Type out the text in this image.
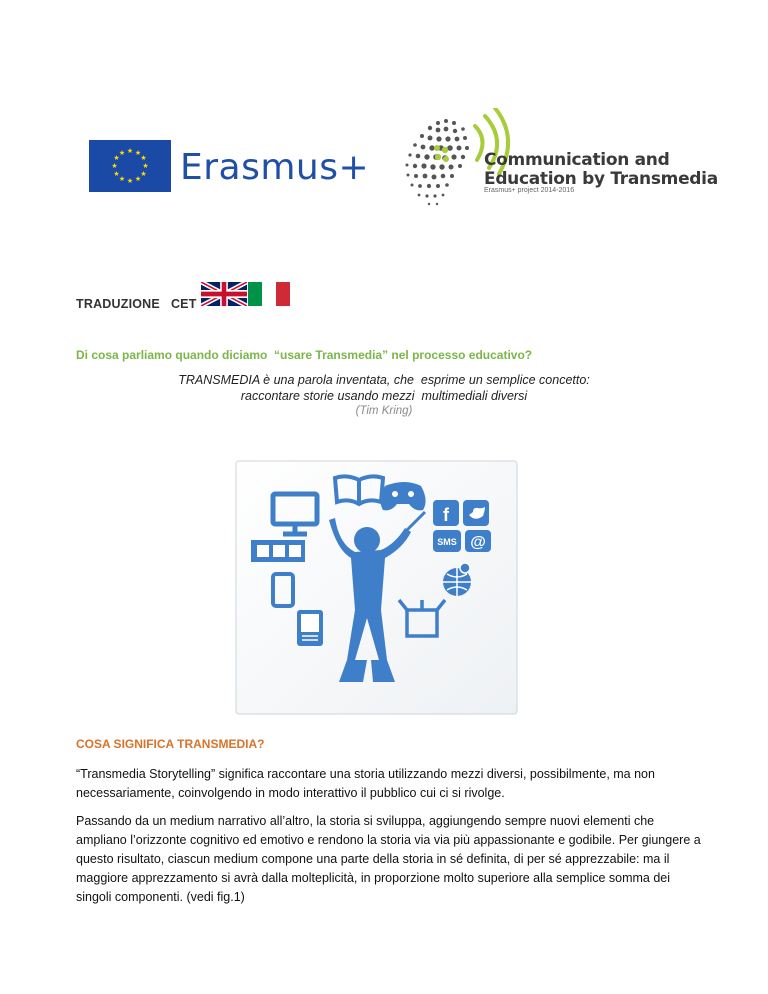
★ ★
★
★
★
★
★
★
★
★
★
★ Erasmus+	Communication and
Education by Transmedia
Erasmus+ project 2014-2016
TRADUZIONE   CET
Di cosa parliamo quando diciamo  “usare Transmedia” nel processo educativo?
TRANSMEDIA è una parola inventata, che  esprime un semplice concetto:
raccontare storie usando mezzi  multimediali diversi
(Tim Kring)
f
SMS @
COSA SIGNIFICA TRANSMEDIA?
“Transmedia Storytelling” significa raccontare una storia utilizzando mezzi diversi, possibilmente, ma non necessariamente, coinvolgendo in modo interattivo il pubblico cui ci si rivolge.
Passando da un medium narrativo all’altro, la storia si sviluppa, aggiungendo sempre nuovi elementi che ampliano l’orizzonte cognitivo ed emotivo e rendono la storia via via più appassionante e godibile. Per giungere a questo risultato, ciascun medium compone una parte della storia in sé definita, di per sé apprezzabile: ma il maggiore apprezzamento si avrà dalla molteplicità, in proporzione molto superiore alla semplice somma dei singoli componenti. (vedi fig.1)
